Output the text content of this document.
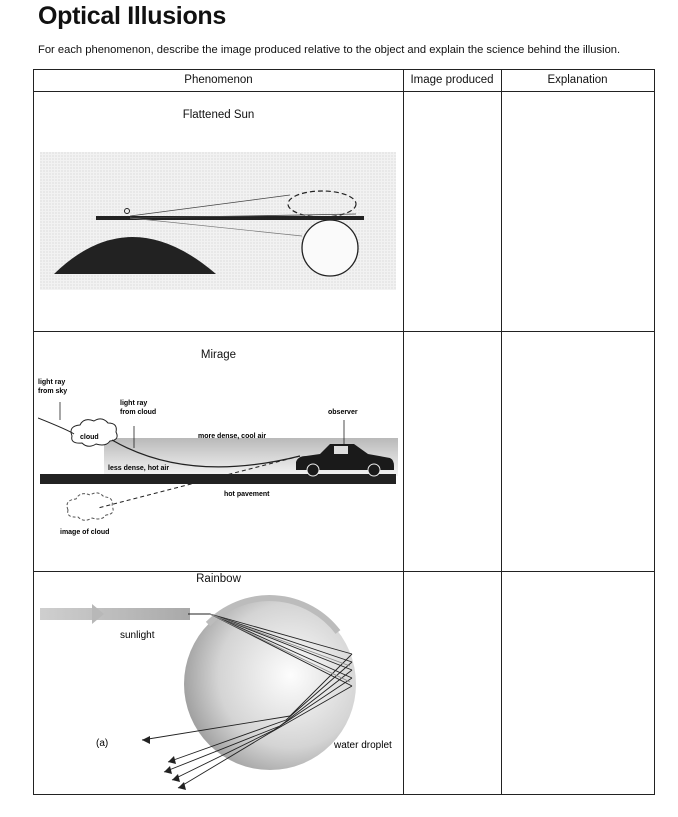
Optical Illusions
For each phenomenon, describe the image produced relative to the object and explain the science behind the illusion.
Phenomenon	Image produced	Explanation
Flattened Sun
Mirage
Rainbow
light ray
from sky
light ray
from cloud
cloud
observer
more dense, cool air
less dense, hot air
hot pavement
image of cloud
sunlight
(a)	water droplet
